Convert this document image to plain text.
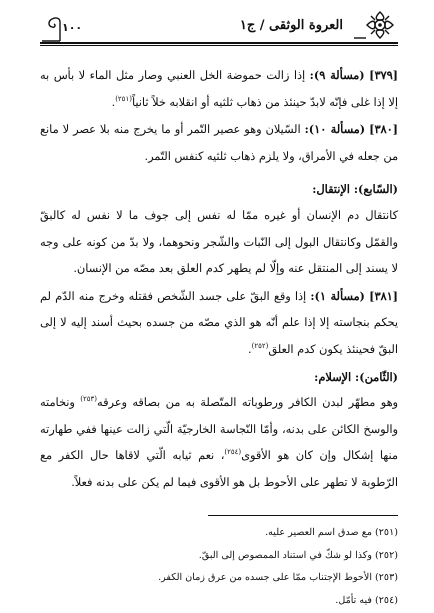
العروة الوثقى / ج١
١٠٠

[٣٧٩] (مسألة ٩): إذا زالت حموضة الخل العنبي وصار مثل الماء لا بأس به إلا إذا غلى فإنّه لابدّ حينئذ من ذهاب ثلثيه أو انقلابه خلاً ثانياً$^{(٢٥١)}$.

[٣٨٠] (مسألة ١٠): السّيلان وهو عصير التّمر أو ما يخرج منه بلا عصر لا مانع من جعله في الأمراق، ولا يلزم ذهاب ثلثيه كنفس التّمر.

(السّابع): الإنتقال:

كانتقال دم الإنسان أو غيره ممّا له نفس إلى جوف ما لا نفس له كالبقّ والقمّل وكانتقال البول إلى النّبات والشّجر ونحوهما، ولا بدّ من كونه على وجه لا يسند إلى المنتقل عنه وإلّا لم يطهر كدم العلق بعد مصّه من الإنسان.

[٣٨١] (مسألة ١): إذا وقع البقّ على جسد الشّخص فقتله وخرج منه الدّم لم يحكم بنجاسته إلا إذا علم أنّه هو الذي مصّه من جسده بحيث أسند إليه لا إلى البقّ فحينئذ يكون كدم العلق$^{(٢٥٢)}$.

(الثّامن): الإسلام:

وهو مطهّر لبدن الكافر ورطوباته المتّصلة به من بصاقه وعرقه$^{(٢٥٣)}$ ونخامته والوسخ الكائن على بدنه، وأمّا النّجاسة الخارجيّة الّتي زالت عينها ففي طهارته منها إشكال وإن كان هو الأقوى$^{(٢٥٤)}$، نعم ثيابه الّتي لاقاها حال الكفر مع الرّطوبة لا تطهر على الأحوط بل هو الأقوى فيما لم يكن على بدنه فعلاً.

(٢٥١) مع صدق اسم العصير عليه.
(٢٥٢) وكذا لو شكّ في استناد الممصوص إلى البقّ.
(٢٥٣) الأحوط الإجتناب ممّا على جسده من عرق زمان الكفر.
(٢٥٤) فيه تأمّل.
